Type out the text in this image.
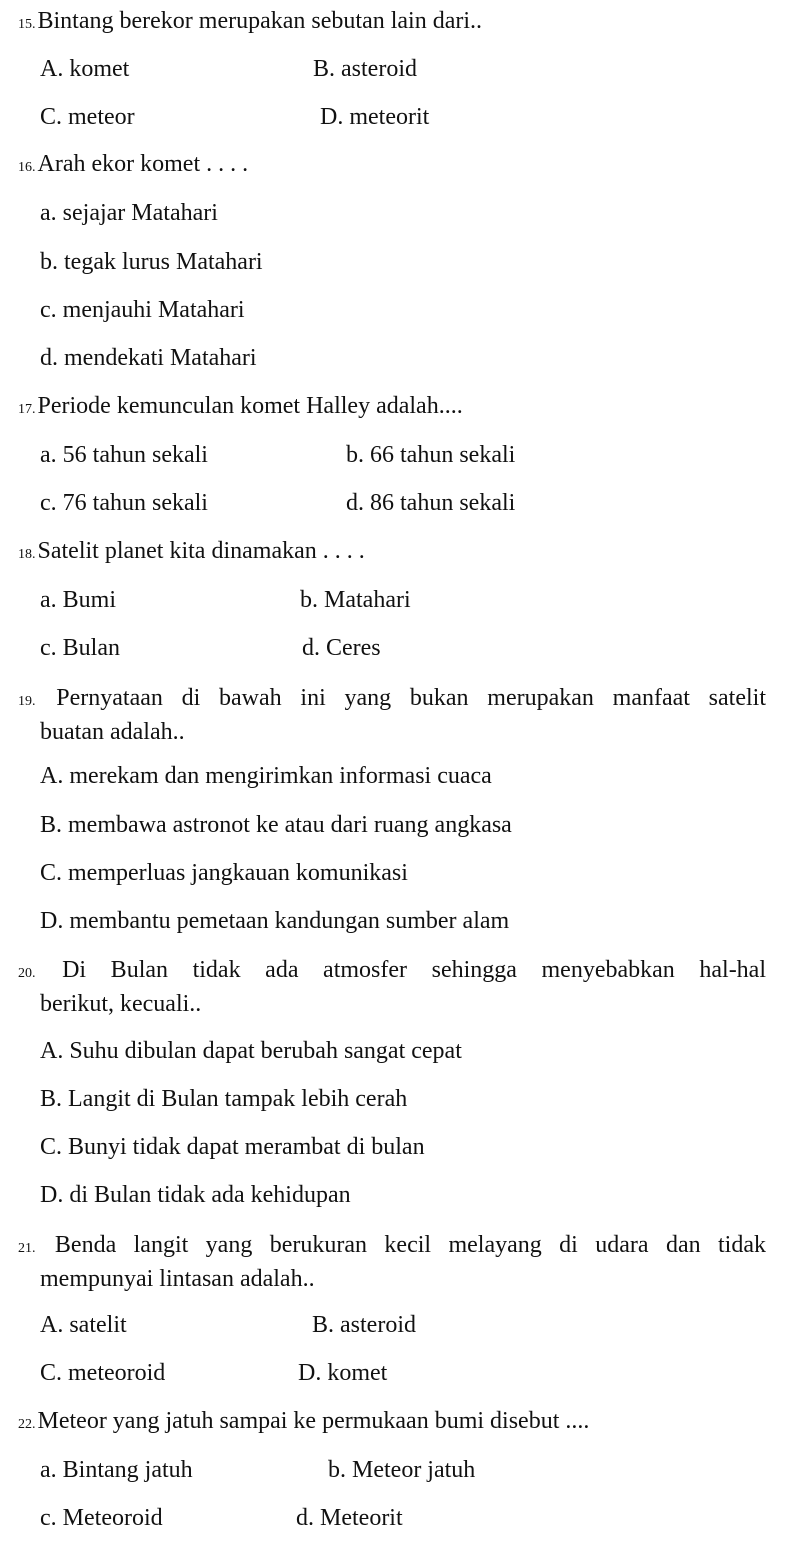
15.Bintang berekor merupakan sebutan lain dari..
A. komet	B. asteroid
C. meteor	D. meteorit
16.Arah ekor komet . . . .
a. sejajar Matahari
b. tegak lurus Matahari
c. menjauhi Matahari
d. mendekati Matahari
17.Periode kemunculan komet Halley adalah....
a. 56 tahun sekali	b. 66 tahun sekali
c. 76 tahun sekali	d. 86 tahun sekali
18.Satelit planet kita dinamakan . . . .
a. Bumi	b. Matahari
c. Bulan	d. Ceres
19. Pernyataan di bawah ini yang bukan merupakan manfaat satelit
buatan adalah..
A. merekam dan mengirimkan informasi cuaca
B. membawa astronot ke atau dari ruang angkasa
C. memperluas jangkauan komunikasi
D. membantu pemetaan kandungan sumber alam
20. Di Bulan tidak ada atmosfer sehingga menyebabkan hal-hal
berikut, kecuali..
A. Suhu dibulan dapat berubah sangat cepat
B. Langit di Bulan tampak lebih cerah
C. Bunyi tidak dapat merambat di bulan
D. di Bulan tidak ada kehidupan
21. Benda langit yang berukuran kecil melayang di udara dan tidak
mempunyai lintasan adalah..
A. satelit	B. asteroid
C. meteoroid	D. komet
22.Meteor yang jatuh sampai ke permukaan bumi disebut ....
a. Bintang jatuh	b. Meteor jatuh
c. Meteoroid	d. Meteorit
